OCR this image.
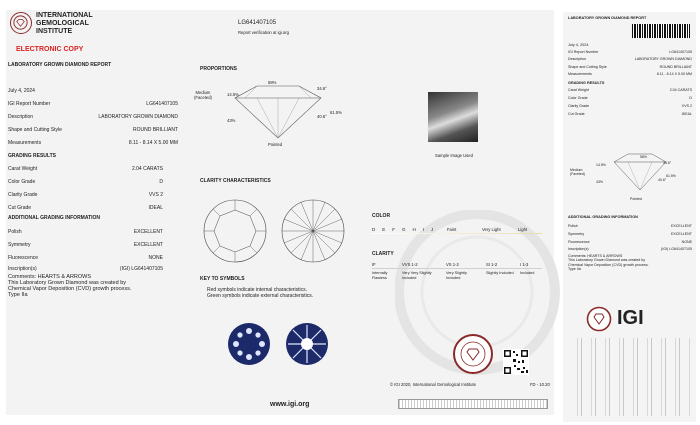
INTERNATIONAL
GEMOLOGICAL
INSTITUTE
ELECTRONIC COPY
LABORATORY GROWN DIAMOND REPORT
LG641407105
Report verification at igi.org
July 4, 2024
IGI Report Number	LG641407105
Description	LABORATORY GROWN DIAMOND
Shape and Cutting Style	ROUND BRILLIANT
Measurements	8.11 - 8.14 X 5.00 MM
GRADING RESULTS
Carat Weight	2.04 CARATS
Color Grade	D
Clarity Grade	VVS 2
Cut Grade	IDEAL
ADDITIONAL GRADING INFORMATION
Polish	EXCELLENT
Symmetry	EXCELLENT
Fluorescence	NONE
Inscription(s)	(IGI) LG641407105
Comments: HEARTS & ARROWS
This Laboratory Grown Diamond was created by
Chemical Vapor Deposition (CVD) growth process.
Type IIa
PROPORTIONS
58%
34.6°
14.5%
61.5%
40.6°
43%
Medium
(Faceted)
Pointed
Sample Image Used
CLARITY CHARACTERISTICS
KEY TO SYMBOLS
Red symbols indicate internal characteristics.
Green symbols indicate external characteristics.
www.igi.org
COLOR
D E F G H I J	Faint	Very Light	Light
CLARITY
IF	VVS 1-2	VS 1-2	SI 1-2	I 1-3
Internally Flawless
Very Very Slightly Included
Very Slightly Included
Slightly Included	Included
© IGI 2020, International Gemological Institute	FD - 10.20
LABORATORY GROWN DIAMOND REPORT
July 4, 2024
IGI Report Number	LG641407105
Description	LABORATORY GROWN DIAMOND
Shape and Cutting Style	ROUND BRILLIANT
Measurements	8.11 - 8.14 X 5.00 MM
GRADING RESULTS
Carat Weight	2.04 CARATS
Color Grade	D
Clarity Grade	VVS 2
Cut Grade	IDEAL
58%
34.6°
14.5%
61.5%
40.6°
43%
Medium
(Faceted)
Pointed
ADDITIONAL GRADING INFORMATION
Polish	EXCELLENT
Symmetry	EXCELLENT
Fluorescence	NONE
Inscription(s)	(IGI) LG641407105
Comments: HEARTS & ARROWS
This Laboratory Grown Diamond was created by
Chemical Vapor Deposition (CVD) growth process.
Type IIa
IGI
